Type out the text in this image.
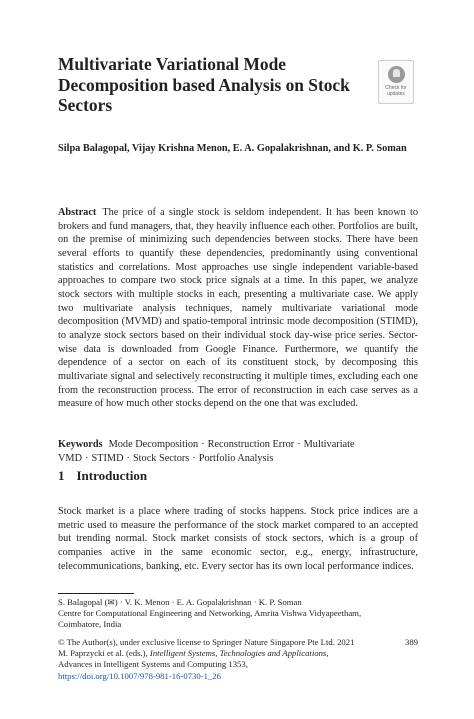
Multivariate Variational Mode Decomposition based Analysis on Stock Sectors
Check for
updates
Silpa Balagopal, Vijay Krishna Menon, E. A. Gopalakrishnan, and K. P. Soman
Abstract The price of a single stock is seldom independent. It has been known to brokers and fund managers, that, they heavily influence each other. Portfolios are built, on the premise of minimizing such dependencies between stocks. There have been several efforts to quantify these dependencies, predominantly using conventional statistics and correlations. Most approaches use single independent variable-based approaches to compare two stock price signals at a time. In this paper, we analyze stock sectors with multiple stocks in each, presenting a multivariate case. We apply two multivariate analysis techniques, namely multivariate variational mode decomposition (MVMD) and spatio-temporal intrinsic mode decomposition (STIMD), to analyze stock sectors based on their individual stock day-wise price series. Sector-wise data is downloaded from Google Finance. Furthermore, we quantify the dependence of a sector on each of its constituent stock, by decomposing this multivariate signal and selectively reconstructing it multiple times, excluding each one from the reconstruction process. The error of reconstruction in each case serves as a measure of how much other stocks depend on the one that was excluded.
Keywords Mode Decomposition · Reconstruction Error · Multivariate VMD · STIMD · Stock Sectors · Portfolio Analysis
1 Introduction
Stock market is a place where trading of stocks happens. Stock price indices are a metric used to measure the performance of the stock market compared to an accepted but trending normal. Stock market consists of stock sectors, which is a group of companies active in the same economic sector, e.g., energy, infrastructure, telecommunications, banking, etc. Every sector has its own local performance indices.
S. Balagopal (✉) · V. K. Menon · E. A. Gopalakrishnan · K. P. Soman
Centre for Computational Engineering and Networking, Amrita Vishwa Vidyapeetham,
Coimbatore, India
© The Author(s), under exclusive license to Springer Nature Singapore Pte Ltd. 2021
M. Paprzycki et al. (eds.), Intelligent Systems, Technologies and Applications,
Advances in Intelligent Systems and Computing 1353,
https://doi.org/10.1007/978-981-16-0730-1_26
389
